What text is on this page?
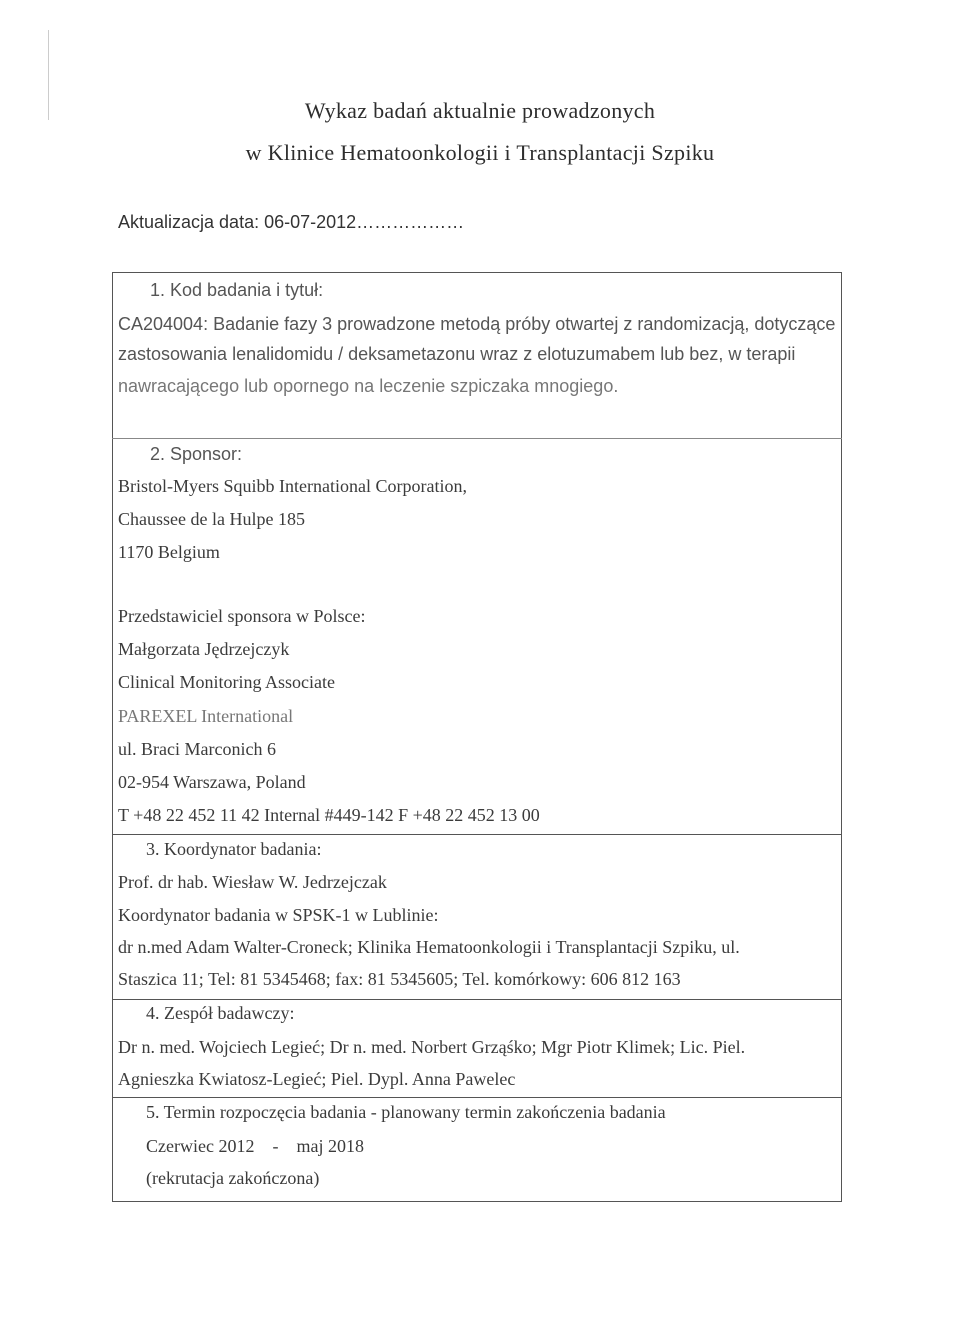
Wykaz badań aktualnie prowadzonych
w Klinice Hematoonkologii i Transplantacji Szpiku
Aktualizacja data: 06-07-2012………………
1. Kod badania i tytuł:
CA204004: Badanie fazy 3 prowadzone metodą próby otwartej z randomizacją, dotyczące
zastosowania lenalidomidu / deksametazonu wraz z elotuzumabem lub bez, w terapii
nawracającego lub opornego na leczenie szpiczaka mnogiego.
2. Sponsor:
Bristol-Myers Squibb International Corporation,
Chaussee de la Hulpe 185
1170 Belgium
Przedstawiciel sponsora w Polsce:
Małgorzata Jędrzejczyk
Clinical Monitoring Associate
PAREXEL International
ul. Braci Marconich 6
02-954 Warszawa, Poland
T +48 22 452 11 42 Internal #449-142 F +48 22 452 13 00
3. Koordynator badania:
Prof. dr hab. Wiesław W. Jedrzejczak
Koordynator badania w SPSK-1 w Lublinie:
dr n.med Adam Walter-Croneck; Klinika Hematoonkologii i Transplantacji Szpiku, ul.
Staszica 11; Tel: 81 5345468; fax: 81 5345605; Tel. komórkowy: 606 812 163
4. Zespół badawczy:
Dr n. med. Wojciech Legieć; Dr n. med. Norbert Grząśko; Mgr Piotr Klimek; Lic. Piel.
Agnieszka Kwiatosz-Legieć; Piel. Dypl. Anna Pawelec
5. Termin rozpoczęcia badania - planowany termin zakończenia badania
Czerwiec 2012    -    maj 2018
(rekrutacja zakończona)
